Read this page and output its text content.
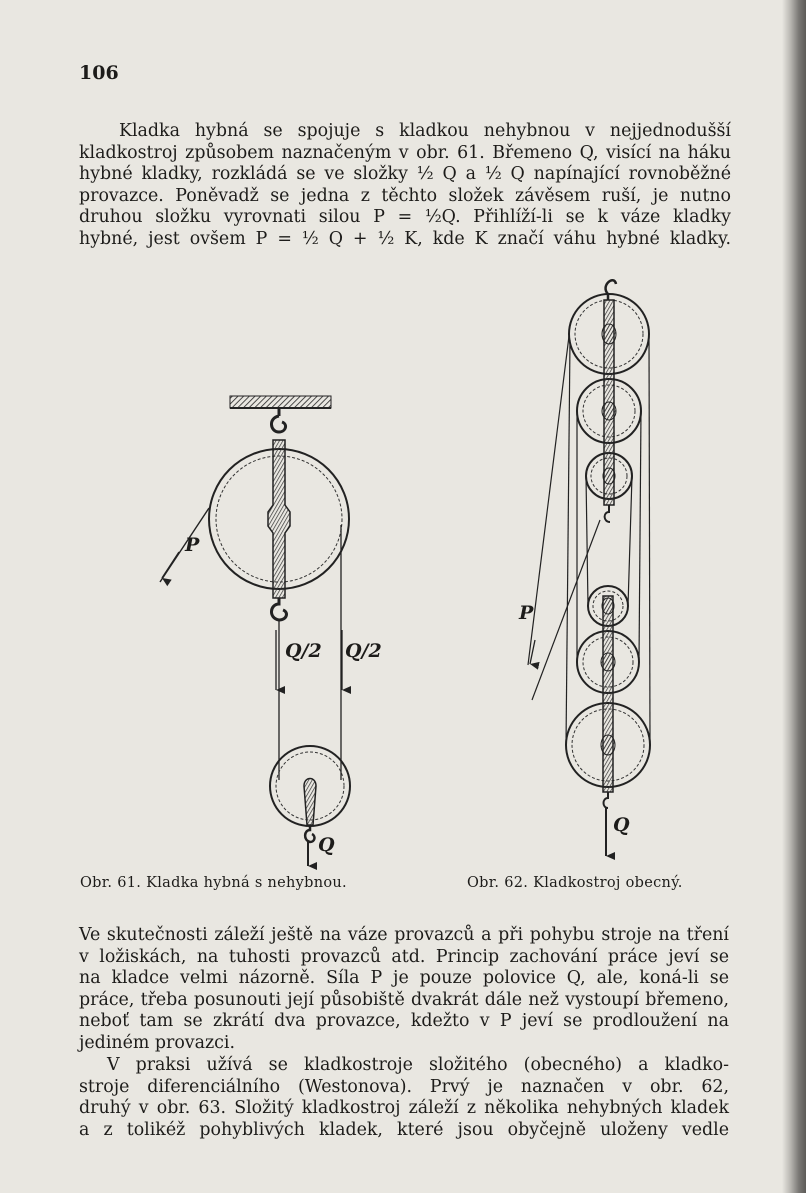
106

Kladka hybná se spojuje s kladkou nehybnou v nejjednodušší
kladkostroj způsobem naznačeným v obr. 61. Břemeno Q, visící na háku
hybné kladky, rozkládá se ve složky ½ Q a ½ Q napínající rovnoběžné
provazce. Poněvadž se jedna z těchto složek závěsem ruší, je nutno
druhou složku vyrovnati silou P = ½Q. Přihlíží-li se k váze kladky
hybné, jest ovšem P = ½ Q + ½ K, kde K značí váhu hybné kladky.

P
Q/2 Q/2
Q
P
Q
Obr. 61. Kladka hybná s nehybnou.	Obr. 62. Kladkostroj obecný.

Ve skutečnosti záleží ještě na váze provazců a při pohybu stroje na tření
v ložiskách, na tuhosti provazců atd. Princip zachování práce jeví se
na kladce velmi názorně. Síla P je pouze polovice Q, ale, koná-li se
práce, třeba posunouti její působiště dvakrát dále než vystoupí břemeno,
neboť tam se zkrátí dva provazce, kdežto v P jeví se prodloužení na
jediném provazci.

V praksi užívá se kladkostroje složitého (obecného) a kladko-
stroje diferenciálního (Westonova). Prvý je naznačen v obr. 62,
druhý v obr. 63. Složitý kladkostroj záleží z několika nehybných kladek
a z tolikéž pohyblivých kladek, které jsou obyčejně uloženy vedle
